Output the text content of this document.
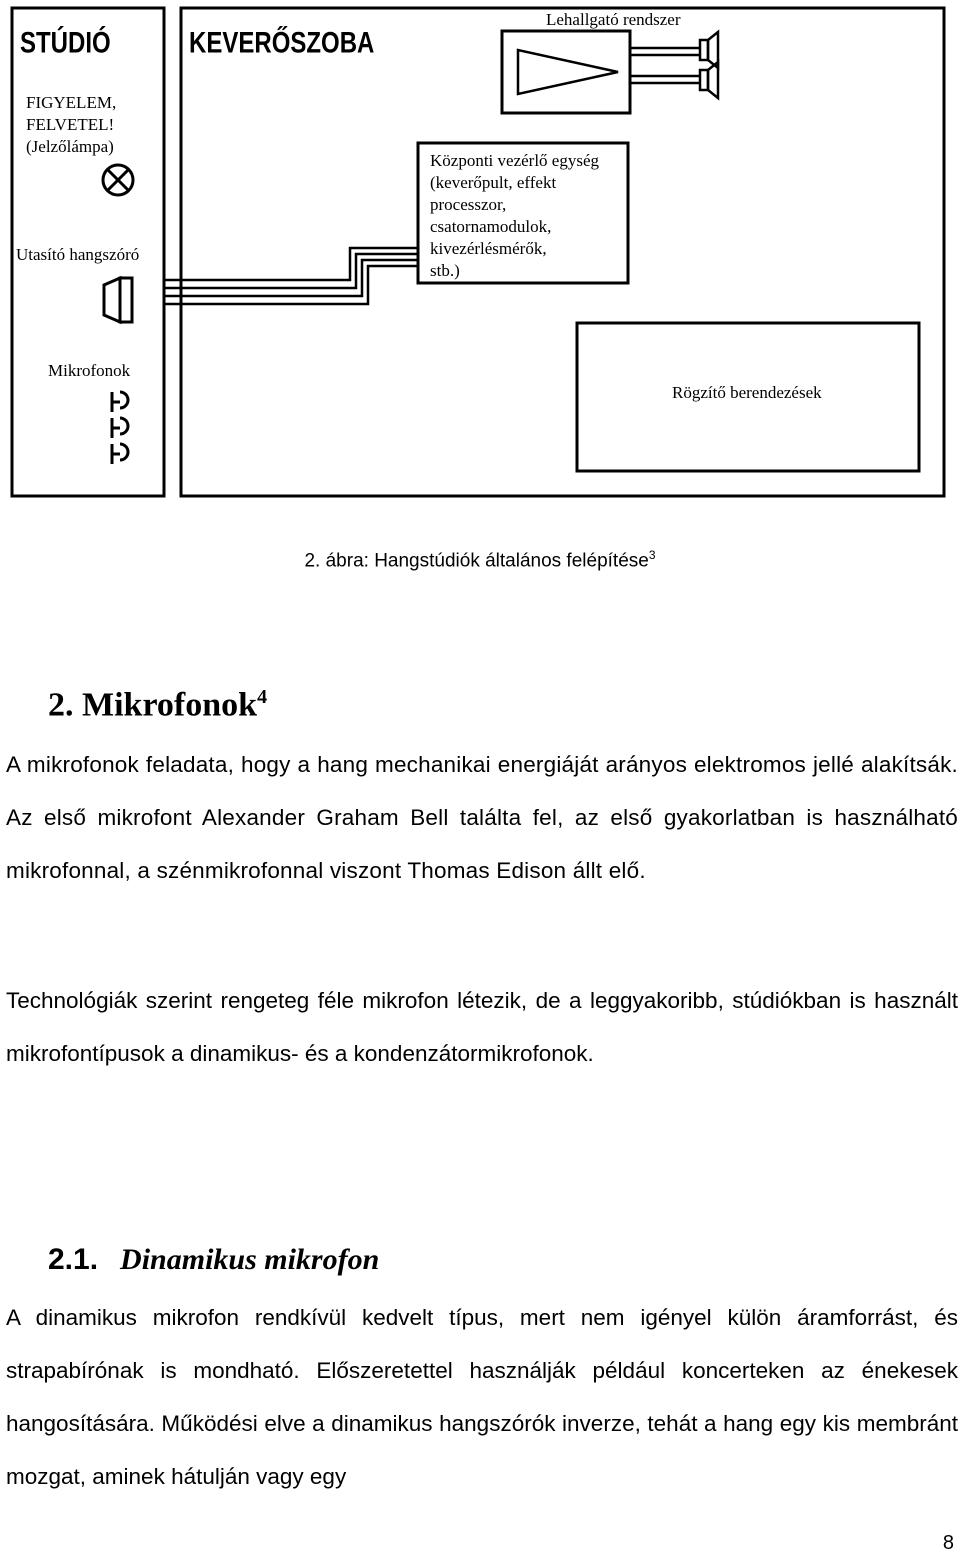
STÚDIÓ	KEVERŐSZOBA
FIGYELEM,
FELVETEL!
(Jelzőlámpa)
Utasító hangszóró
Mikrofonok
Lehallgató rendszer
Központi vezérlő egység
(keverőpult, effekt
processzor,
csatornamodulok,
kivezérlésmérők,
stb.)
Rögzítő berendezések
2. ábra: Hangstúdiók általános felépítése$^3$
2. Mikrofonok$^4$

A mikrofonok feladata, hogy a hang mechanikai energiáját arányos elektromos jellé alakítsák. Az első mikrofont Alexander Graham Bell találta fel, az első gyakorlatban is használható mikrofonnal, a szénmikrofonnal viszont Thomas Edison állt elő.

Technológiák szerint rengeteg féle mikrofon létezik, de a leggyakoribb, stúdiókban is használt mikrofontípusok a dinamikus- és a kondenzátormikrofonok.

2.1. Dinamikus mikrofon

A dinamikus mikrofon rendkívül kedvelt típus, mert nem igényel külön áramforrást, és strapabírónak is mondható. Előszeretettel használják például koncerteken az énekesek hangosítására. Működési elve a dinamikus hangszórók inverze, tehát a hang egy kis membránt mozgat, aminek hátulján vagy egy

8
